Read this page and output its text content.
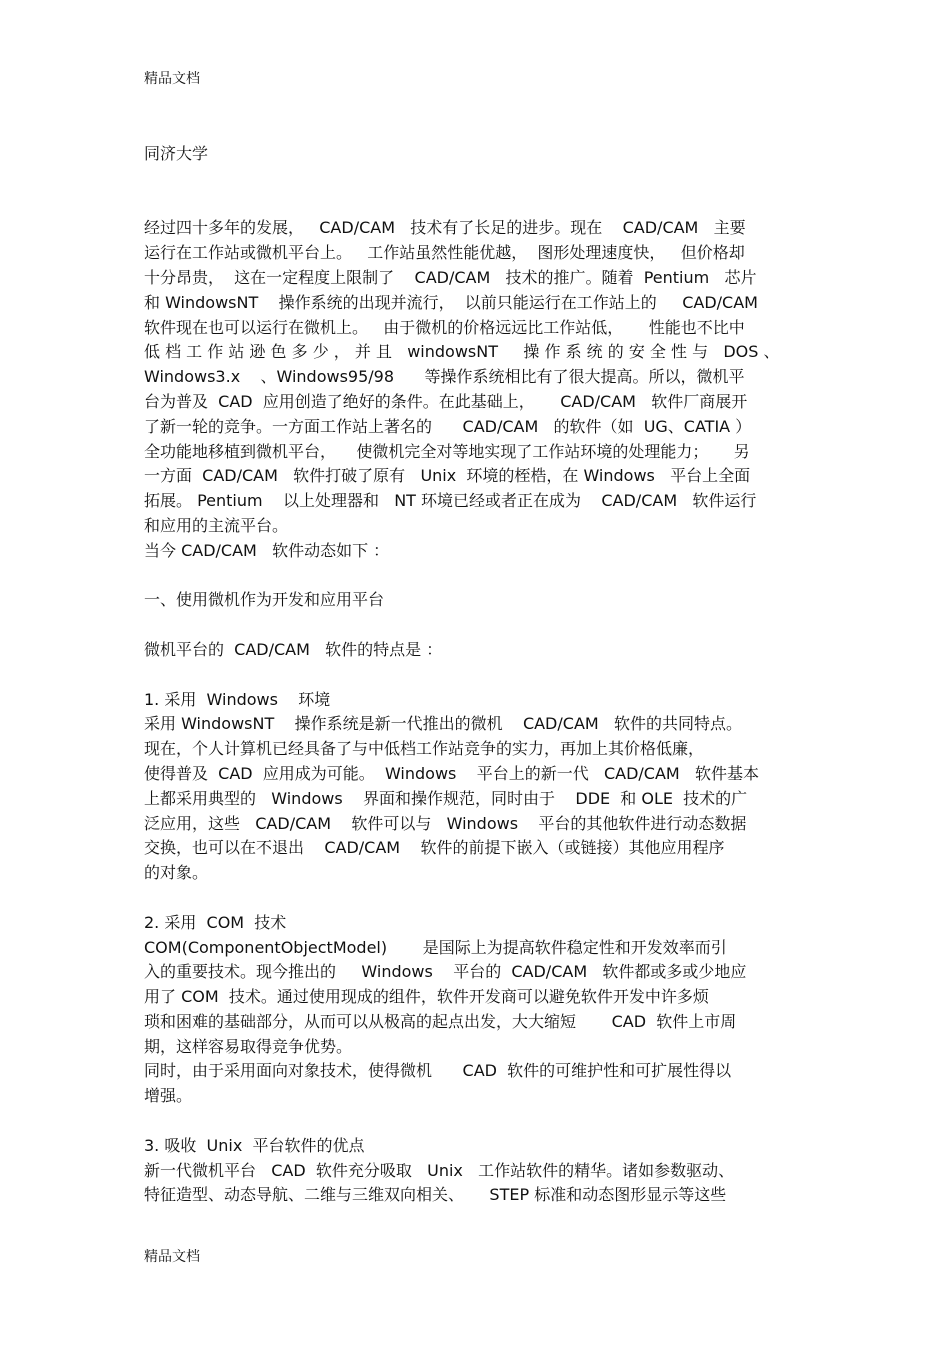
精品文档
同济大学
经过四十多年的发展，   CAD/CAM   技术有了长足的进步。现在    CAD/CAM   主要
运行在工作站或微机平台上。   工作站虽然性能优越，  图形处理速度快，   但价格却
十分昂贵，  这在一定程度上限制了    CAD/CAM   技术的推广。随着  Pentium   芯片
和 WindowsNT    操作系统的出现并流行，  以前只能运行在工作站上的     CAD/CAM
软件现在也可以运行在微机上。   由于微机的价格远远比工作站低，     性能也不比中
低 档 工 作 站 逊 色 多 少 ， 并 且   windowsNT     操 作 系 统 的 安 全 性 与   DOS 、
Windows3.x    、Windows95/98      等操作系统相比有了很大提高。所以，微机平
台为普及  CAD  应用创造了绝好的条件。在此基础上，     CAD/CAM   软件厂商展开
了新一轮的竞争。一方面工作站上著名的      CAD/CAM   的软件（如  UG、CATIA ）
全功能地移植到微机平台，    使微机完全对等地实现了工作站环境的处理能力；     另
一方面  CAD/CAM   软件打破了原有   Unix  环境的桎梏，在 Windows   平台上全面
拓展。 Pentium    以上处理器和   NT 环境已经或者正在成为    CAD/CAM   软件运行
和应用的主流平台。
当今 CAD/CAM   软件动态如下 ：
一、使用微机作为开发和应用平台
微机平台的  CAD/CAM   软件的特点是 ：
1. 采用  Windows    环境
采用 WindowsNT    操作系统是新一代推出的微机    CAD/CAM   软件的共同特点。
现在，个人计算机已经具备了与中低档工作站竞争的实力，再加上其价格低廉，
使得普及  CAD  应用成为可能。  Windows    平台上的新一代   CAD/CAM   软件基本
上都采用典型的   Windows    界面和操作规范，同时由于    DDE  和 OLE  技术的广
泛应用，这些   CAD/CAM    软件可以与   Windows    平台的其他软件进行动态数据
交换，也可以在不退出    CAD/CAM    软件的前提下嵌入（或链接）其他应用程序
的对象。
2. 采用  COM  技术
COM(ComponentObjectModel)       是国际上为提高软件稳定性和开发效率而引
入的重要技术。现今推出的     Windows    平台的  CAD/CAM   软件都或多或少地应
用了 COM  技术。通过使用现成的组件，软件开发商可以避免软件开发中许多烦
琐和困难的基础部分，从而可以从极高的起点出发，大大缩短       CAD  软件上市周
期，这样容易取得竞争优势。
同时，由于采用面向对象技术，使得微机      CAD  软件的可维护性和可扩展性得以
增强。
3. 吸收  Unix  平台软件的优点
新一代微机平台   CAD  软件充分吸取   Unix   工作站软件的精华。诸如参数驱动、
特征造型、动态导航、二维与三维双向相关、     STEP 标准和动态图形显示等这些
精品文档
